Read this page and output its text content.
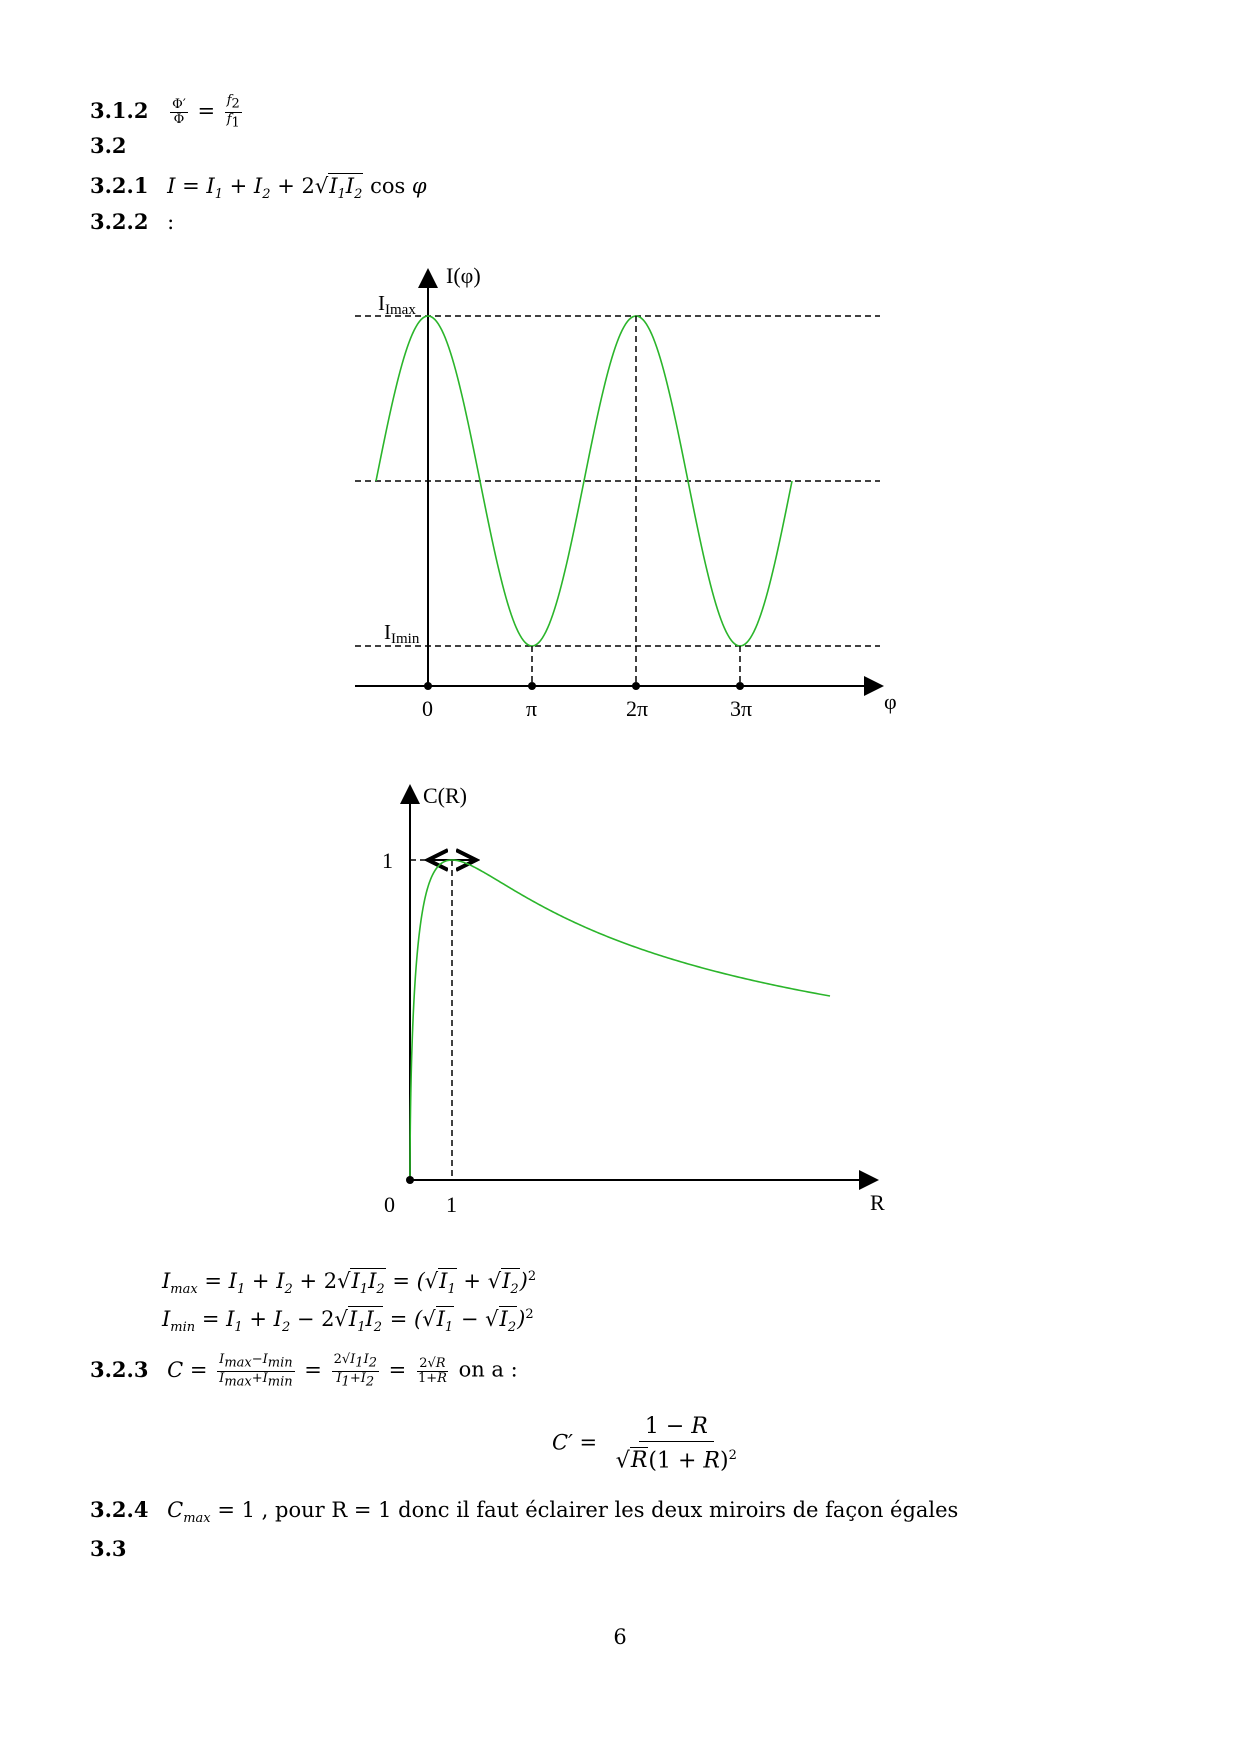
$3.1.2 \frac{\Phi'}{\Phi} = \frac{f_2}{f_1}$
3.2
3.2.1 $I = I_1 + I_2 + 2√I_1I_2$ cos φ
3.2.2 :
0	π	2π	3π
I(φ)
φ
IImax
IImin
0 1
1
C(R)
R
$I_{max} = I_1 + I_2 + 2√I_1I_2 = (√I_1 + √I_2)^2$
$I_{min} = I_1 + I_2 - 2√I_1I_2 = (√I_1 - √I_2)^2$
3.2.3 $C = \frac{I_{max}-I_{min}}{I_{max}+I_{min}} = \frac{2√I_1I_2}{I_1+I_2} = \frac{2√R}{1+R}$ on a :
$C' = \frac{1 - R}{√R(1 + R)^2}$
3.2.4 $C_{max} = 1$ , pour R = 1 donc il faut éclairer les deux miroirs de façon égales
3.3
6
